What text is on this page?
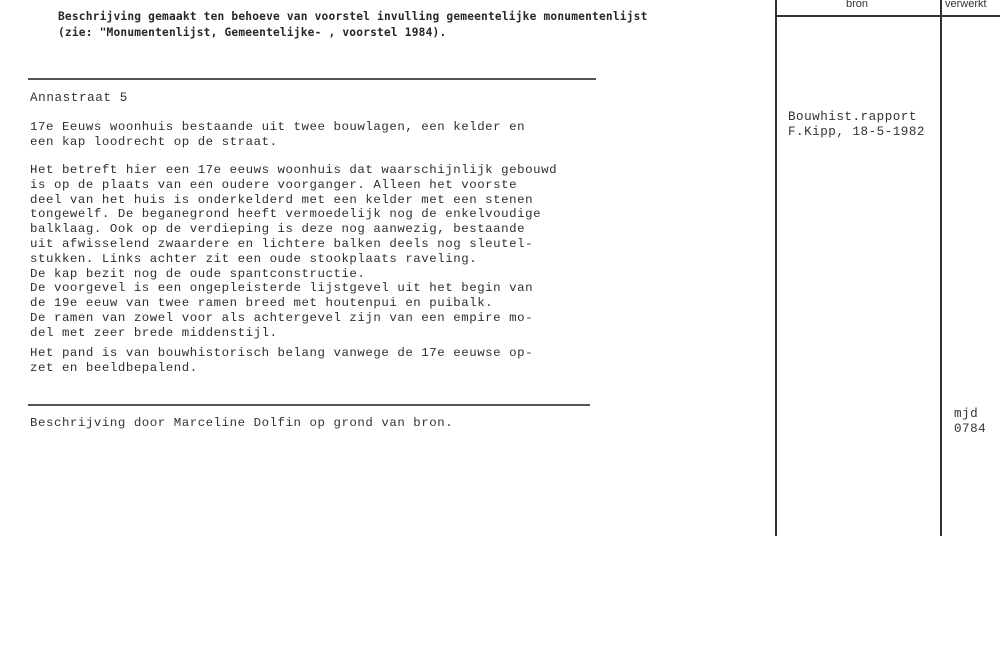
Beschrijving gemaakt ten behoeve van voorstel invulling gemeentelijke monumentenlijst
(zie: "Monumentenlijst, Gemeentelijke- , voorstel 1984).
bron	verwerkt
Annastraat 5
17e Eeuws woonhuis bestaande uit twee bouwlagen, een kelder en
een kap loodrecht op de straat.
Het betreft hier een 17e eeuws woonhuis dat waarschijnlijk gebouwd
is op de plaats van een oudere voorganger. Alleen het voorste
deel van het huis is onderkelderd met een kelder met een stenen
tongewelf. De beganegrond heeft vermoedelijk nog de enkelvoudige
balklaag. Ook op de verdieping is deze nog aanwezig, bestaande
uit afwisselend zwaardere en lichtere balken deels nog sleutel-
stukken. Links achter zit een oude stookplaats raveling.
De kap bezit nog de oude spantconstructie.
De voorgevel is een ongepleisterde lijstgevel uit het begin van
de 19e eeuw van twee ramen breed met houtenpui en puibalk.
De ramen van zowel voor als achtergevel zijn van een empire mo-
del met zeer brede middenstijl.
Het pand is van bouwhistorisch belang vanwege de 17e eeuwse op-
zet en beeldbepalend.
Bouwhist.rapport
F.Kipp, 18-5-1982
Beschrijving door Marceline Dolfin op grond van bron.
mjd
0784
